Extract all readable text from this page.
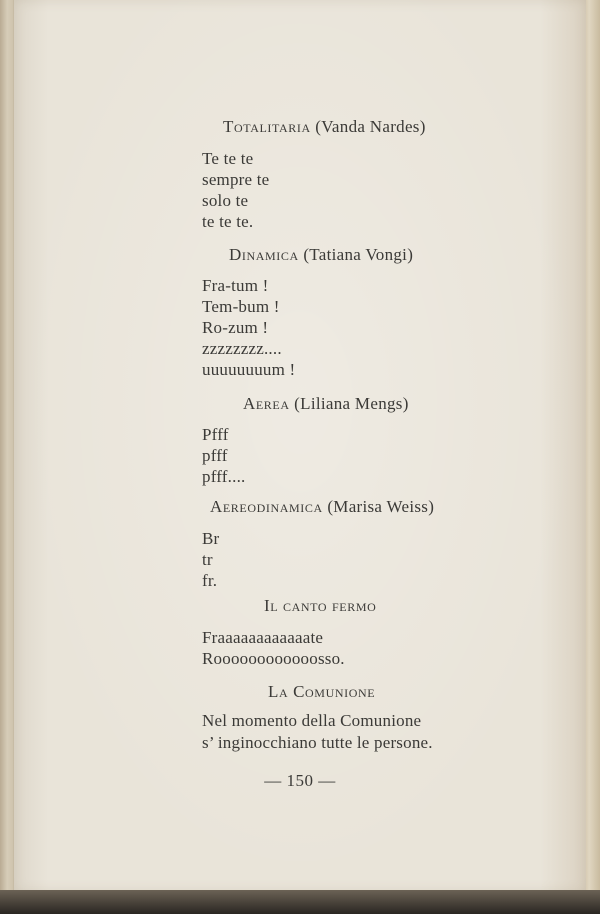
Totalitaria (Vanda Nardes)
Te te te
sempre te
solo te
te te te.
Dinamica (Tatiana Vongi)
Fra-tum !
Tem-bum !
Ro-zum !
zzzzzzzz....
uuuuuuuum !
Aerea (Liliana Mengs)
Pfff
pfff
pfff....
Aereodinamica (Marisa Weiss)
Br
tr
fr.
Il canto fermo
Fraaaaaaaaaaaate
Roooooooooooosso.
La Comunione
Nel momento della Comunione
s’ inginocchiano tutte le persone.
— 150 —
